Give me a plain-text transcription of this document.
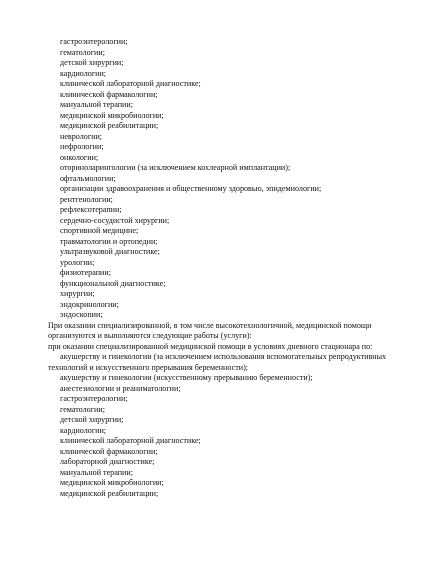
гастроэнтерологии;
гематологии;
детской хирургии;
кардиологии;
клинической лабораторной диагностике;
клинической фармакологии;
мануальной терапии;
медицинской микробиологии;
медицинской реабилитации;
неврологии;
нефрологии;
онкологии;
оториноларингологии (за исключением кохлеарной имплантации);
офтальмологии;
организации здравоохранения и общественному здоровью, эпидемиологии;
рентгенологии;
рефлексотерапии;
сердечно-сосудистой хирургии;
спортивной медицине;
травматологии и ортопедии;
ультразвуковой диагностике;
урологии;
физиотерапии;
функциональной диагностике;
хирургии;
эндокринологии;
эндоскопии;
При оказании специализированной, в том числе высокотехнологичной, медицинской помощи
организуются и выполняются следующие работы (услуги):
при оказании специализированной медицинской помощи в условиях дневного стационара по:
акушерству и гинекологии (за исключением использования вспомогательных репродуктивных
технологий и искусственного прерывания беременности);
акушерству и гинекологии (искусственному прерыванию беременности);
анестезиологии и реаниматологии;
гастроэнтерологии;
гематологии;
детской хирургии;
кардиологии;
клинической лабораторной диагностике;
клинической фармакологии;
лабораторной диагностике;
мануальной терапии;
медицинской микробиологии;
медицинской реабилитации;
